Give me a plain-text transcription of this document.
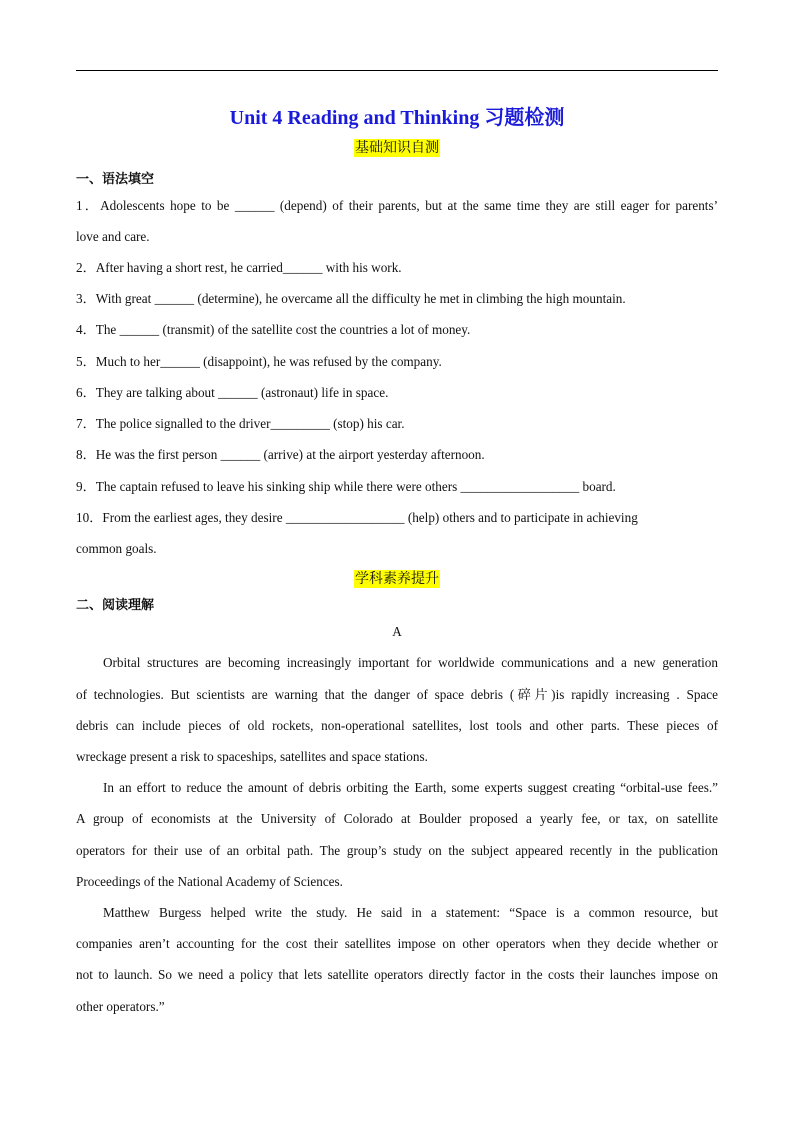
Unit 4 Reading and Thinking 习题检测
基础知识自测
一、语法填空
1．Adolescents hope to be ______ (depend) of their parents, but at the same time they are still eager for parents’
love and care.
2．After having a short rest, he carried______ with his work.
3．With great ______ (determine), he overcame all the difficulty he met in climbing the high mountain.
4．The ______ (transmit) of the satellite cost the countries a lot of money.
5．Much to her______ (disappoint), he was refused by the company.
6．They are talking about ______ (astronaut) life in space.
7．The police signalled to the driver_________ (stop) his car.
8．He was the first person ______ (arrive) at the airport yesterday afternoon.
9．The captain refused to leave his sinking ship while there were others __________________ board.
10．From the earliest ages, they desire __________________ (help) others and to participate in achieving
common goals.
学科素养提升
二、阅读理解
A
Orbital structures are becoming increasingly important for worldwide communications and a new generation
of technologies. But scientists are warning that the danger of space debris (碎片)is rapidly increasing . Space
debris can include pieces of old rockets, non-operational satellites, lost tools and other parts. These pieces of
wreckage present a risk to spaceships, satellites and space stations.
In an effort to reduce the amount of debris orbiting the Earth, some experts suggest creating “orbital-use fees.”
A group of economists at the University of Colorado at Boulder proposed a yearly fee, or tax, on satellite
operators for their use of an orbital path. The group’s study on the subject appeared recently in the publication
Proceedings of the National Academy of Sciences.
Matthew Burgess helped write the study. He said in a statement: “Space is a common resource, but
companies aren’t accounting for the cost their satellites impose on other operators when they decide whether or
not to launch. So we need a policy that lets satellite operators directly factor in the costs their launches impose on
other operators.”
